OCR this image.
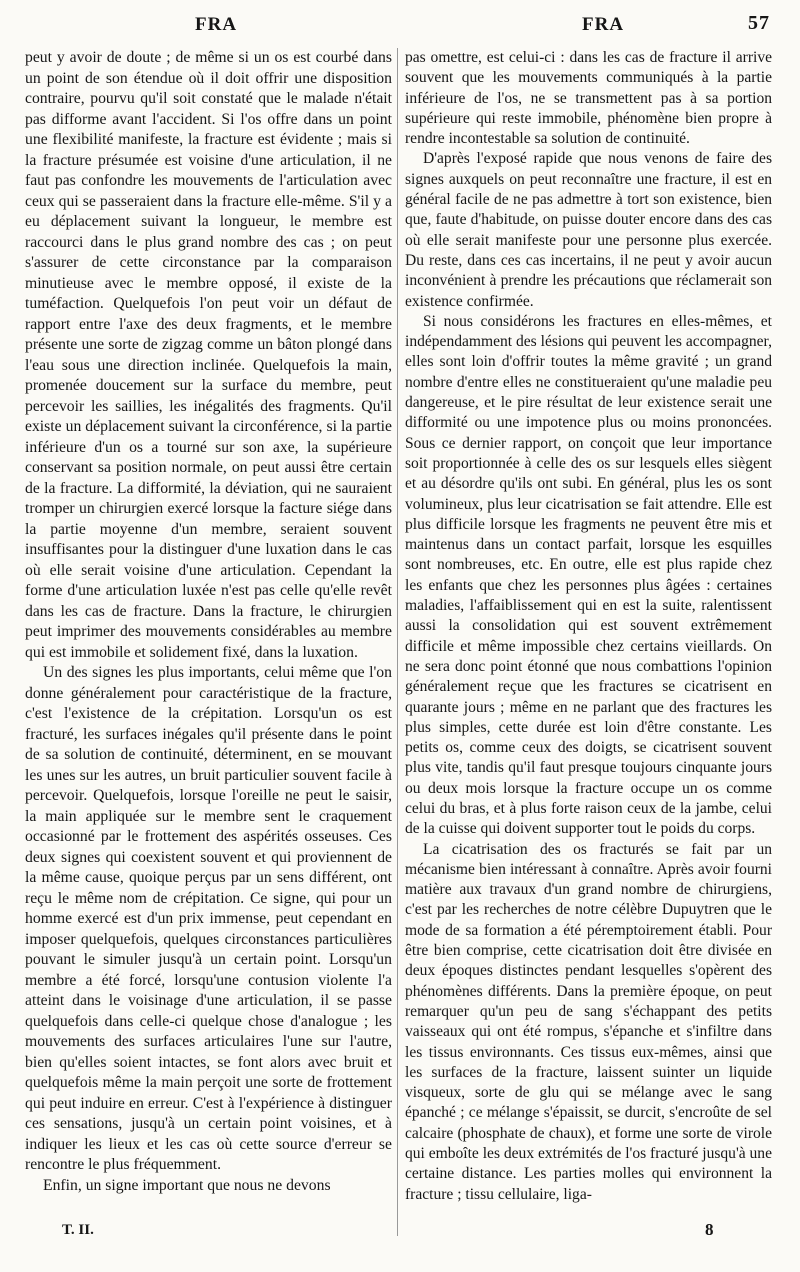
FRA	FRA	57

peut y avoir de doute ; de même si un os est courbé dans un point de son étendue où il doit offrir une disposition contraire, pourvu qu'il soit constaté que le malade n'était pas difforme avant l'accident. Si l'os offre dans un point une flexibilité manifeste, la fracture est évidente ; mais si la fracture présumée est voisine d'une articulation, il ne faut pas confondre les mouvements de l'articulation avec ceux qui se passeraient dans la fracture elle-même. S'il y a eu déplacement suivant la longueur, le membre est raccourci dans le plus grand nombre des cas ; on peut s'assurer de cette circonstance par la comparaison minutieuse avec le membre opposé, il existe de la tuméfaction. Quelquefois l'on peut voir un défaut de rapport entre l'axe des deux fragments, et le membre présente une sorte de zigzag comme un bâton plongé dans l'eau sous une direction inclinée. Quelquefois la main, promenée doucement sur la surface du membre, peut percevoir les saillies, les inégalités des fragments. Qu'il existe un déplacement suivant la circonférence, si la partie inférieure d'un os a tourné sur son axe, la supérieure conservant sa position normale, on peut aussi être certain de la fracture. La difformité, la déviation, qui ne sauraient tromper un chirurgien exercé lorsque la facture siége dans la partie moyenne d'un membre, seraient souvent insuffisantes pour la distinguer d'une luxation dans le cas où elle serait voisine d'une articulation. Cependant la forme d'une articulation luxée n'est pas celle qu'elle revêt dans les cas de fracture. Dans la fracture, le chirurgien peut imprimer des mouvements considérables au membre qui est immobile et solidement fixé, dans la luxation.

Un des signes les plus importants, celui même que l'on donne généralement pour caractéristique de la fracture, c'est l'existence de la crépitation. Lorsqu'un os est fracturé, les surfaces inégales qu'il présente dans le point de sa solution de continuité, déterminent, en se mouvant les unes sur les autres, un bruit particulier souvent facile à percevoir. Quelquefois, lorsque l'oreille ne peut le saisir, la main appliquée sur le membre sent le craquement occasionné par le frottement des aspérités osseuses. Ces deux signes qui coexistent souvent et qui proviennent de la même cause, quoique perçus par un sens différent, ont reçu le même nom de crépitation. Ce signe, qui pour un homme exercé est d'un prix immense, peut cependant en imposer quelquefois, quelques circonstances particulières pouvant le simuler jusqu'à un certain point. Lorsqu'un membre a été forcé, lorsqu'une contusion violente l'a atteint dans le voisinage d'une articulation, il se passe quelquefois dans celle-ci quelque chose d'analogue ; les mouvements des surfaces articulaires l'une sur l'autre, bien qu'elles soient intactes, se font alors avec bruit et quelquefois même la main perçoit une sorte de frottement qui peut induire en erreur. C'est à l'expérience à distinguer ces sensations, jusqu'à un certain point voisines, et à indiquer les lieux et les cas où cette source d'erreur se rencontre le plus fréquemment.

Enfin, un signe important que nous ne devons

pas omettre, est celui-ci : dans les cas de fracture il arrive souvent que les mouvements communiqués à la partie inférieure de l'os, ne se transmettent pas à sa portion supérieure qui reste immobile, phénomène bien propre à rendre incontestable sa solution de continuité.

D'après l'exposé rapide que nous venons de faire des signes auxquels on peut reconnaître une fracture, il est en général facile de ne pas admettre à tort son existence, bien que, faute d'habitude, on puisse douter encore dans des cas où elle serait manifeste pour une personne plus exercée. Du reste, dans ces cas incertains, il ne peut y avoir aucun inconvénient à prendre les précautions que réclamerait son existence confirmée.

Si nous considérons les fractures en elles-mêmes, et indépendamment des lésions qui peuvent les accompagner, elles sont loin d'offrir toutes la même gravité ; un grand nombre d'entre elles ne constitueraient qu'une maladie peu dangereuse, et le pire résultat de leur existence serait une difformité ou une impotence plus ou moins prononcées. Sous ce dernier rapport, on conçoit que leur importance soit proportionnée à celle des os sur lesquels elles siègent et au désordre qu'ils ont subi. En général, plus les os sont volumineux, plus leur cicatrisation se fait attendre. Elle est plus difficile lorsque les fragments ne peuvent être mis et maintenus dans un contact parfait, lorsque les esquilles sont nombreuses, etc. En outre, elle est plus rapide chez les enfants que chez les personnes plus âgées : certaines maladies, l'affaiblissement qui en est la suite, ralentissent aussi la consolidation qui est souvent extrêmement difficile et même impossible chez certains vieillards. On ne sera donc point étonné que nous combattions l'opinion généralement reçue que les fractures se cicatrisent en quarante jours ; même en ne parlant que des fractures les plus simples, cette durée est loin d'être constante. Les petits os, comme ceux des doigts, se cicatrisent souvent plus vite, tandis qu'il faut presque toujours cinquante jours ou deux mois lorsque la fracture occupe un os comme celui du bras, et à plus forte raison ceux de la jambe, celui de la cuisse qui doivent supporter tout le poids du corps.

La cicatrisation des os fracturés se fait par un mécanisme bien intéressant à connaître. Après avoir fourni matière aux travaux d'un grand nombre de chirurgiens, c'est par les recherches de notre célèbre Dupuytren que le mode de sa formation a été péremptoirement établi. Pour être bien comprise, cette cicatrisation doit être divisée en deux époques distinctes pendant lesquelles s'opèrent des phénomènes différents. Dans la première époque, on peut remarquer qu'un peu de sang s'échappant des petits vaisseaux qui ont été rompus, s'épanche et s'infiltre dans les tissus environnants. Ces tissus eux-mêmes, ainsi que les surfaces de la fracture, laissent suinter un liquide visqueux, sorte de glu qui se mélange avec le sang épanché ; ce mélange s'épaissit, se durcit, s'encroûte de sel calcaire (phosphate de chaux), et forme une sorte de virole qui emboîte les deux extrémités de l'os fracturé jusqu'à une certaine distance. Les parties molles qui environnent la fracture ; tissu cellulaire, liga-

T. II.	8
